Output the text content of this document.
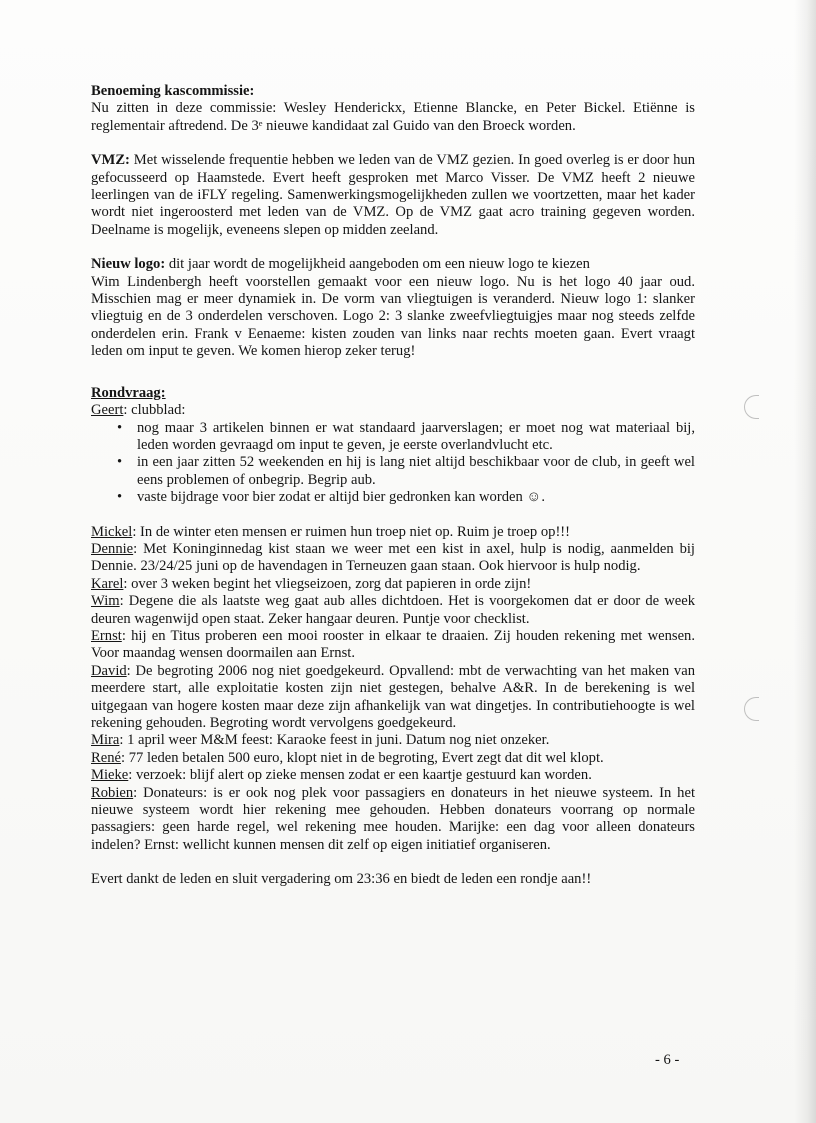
Benoeming kascommissie:

Nu zitten in deze commissie: Wesley Henderickx, Etienne Blancke, en Peter Bickel. Etiënne is reglementair aftredend. De 3ᵉ nieuwe kandidaat zal Guido van den Broeck worden.

VMZ: Met wisselende frequentie hebben we leden van de VMZ gezien. In goed overleg is er door hun gefocusseerd op Haamstede. Evert heeft gesproken met Marco Visser. De VMZ heeft 2 nieuwe leerlingen van de iFLY regeling. Samenwerkingsmogelijkheden zullen we voortzetten, maar het kader wordt niet ingeroosterd met leden van de VMZ. Op de VMZ gaat acro training gegeven worden. Deelname is mogelijk, eveneens slepen op midden zeeland.

Nieuw logo: dit jaar wordt de mogelijkheid aangeboden om een nieuw logo te kiezen

Wim Lindenbergh heeft voorstellen gemaakt voor een nieuw logo. Nu is het logo 40 jaar oud. Misschien mag er meer dynamiek in. De vorm van vliegtuigen is veranderd. Nieuw logo 1: slanker vliegtuig en de 3 onderdelen verschoven. Logo 2: 3 slanke zweefvliegtuigjes maar nog steeds zelfde onderdelen erin. Frank v Eenaeme: kisten zouden van links naar rechts moeten gaan. Evert vraagt leden om input te geven. We komen hierop zeker terug!

Rondvraag:

Geert: clubblad:

• nog maar 3 artikelen binnen er wat standaard jaarverslagen; er moet nog wat materiaal bij, leden worden gevraagd om input te geven, je eerste overlandvlucht etc.
• in een jaar zitten 52 weekenden en hij is lang niet altijd beschikbaar voor de club, in geeft wel eens problemen of onbegrip. Begrip aub.
• vaste bijdrage voor bier zodat er altijd bier gedronken kan worden ☺.

Mickel: In de winter eten mensen er ruimen hun troep niet op. Ruim je troep op!!!

Dennie: Met Koninginnedag kist staan we weer met een kist in axel, hulp is nodig, aanmelden bij Dennie. 23/24/25 juni op de havendagen in Terneuzen gaan staan. Ook hiervoor is hulp nodig.

Karel: over 3 weken begint het vliegseizoen, zorg dat papieren in orde zijn!

Wim: Degene die als laatste weg gaat aub alles dichtdoen. Het is voorgekomen dat er door de week deuren wagenwijd open staat. Zeker hangaar deuren. Puntje voor checklist.

Ernst: hij en Titus proberen een mooi rooster in elkaar te draaien. Zij houden rekening met wensen. Voor maandag wensen doormailen aan Ernst.

David: De begroting 2006 nog niet goedgekeurd. Opvallend: mbt de verwachting van het maken van meerdere start, alle exploitatie kosten zijn niet gestegen, behalve A&R. In de berekening is wel uitgegaan van hogere kosten maar deze zijn afhankelijk van wat dingetjes. In contributiehoogte is wel rekening gehouden. Begroting wordt vervolgens goedgekeurd.

Mira: 1 april weer M&M feest: Karaoke feest in juni. Datum nog niet onzeker.

René: 77 leden betalen 500 euro, klopt niet in de begroting, Evert zegt dat dit wel klopt.

Mieke: verzoek: blijf alert op zieke mensen zodat er een kaartje gestuurd kan worden.

Robien: Donateurs: is er ook nog plek voor passagiers en donateurs in het nieuwe systeem. In het nieuwe systeem wordt hier rekening mee gehouden. Hebben donateurs voorrang op normale passagiers: geen harde regel, wel rekening mee houden. Marijke: een dag voor alleen donateurs indelen? Ernst: wellicht kunnen mensen dit zelf op eigen initiatief organiseren.

Evert dankt de leden en sluit vergadering om 23:36 en biedt de leden een rondje aan!!

- 6 -
